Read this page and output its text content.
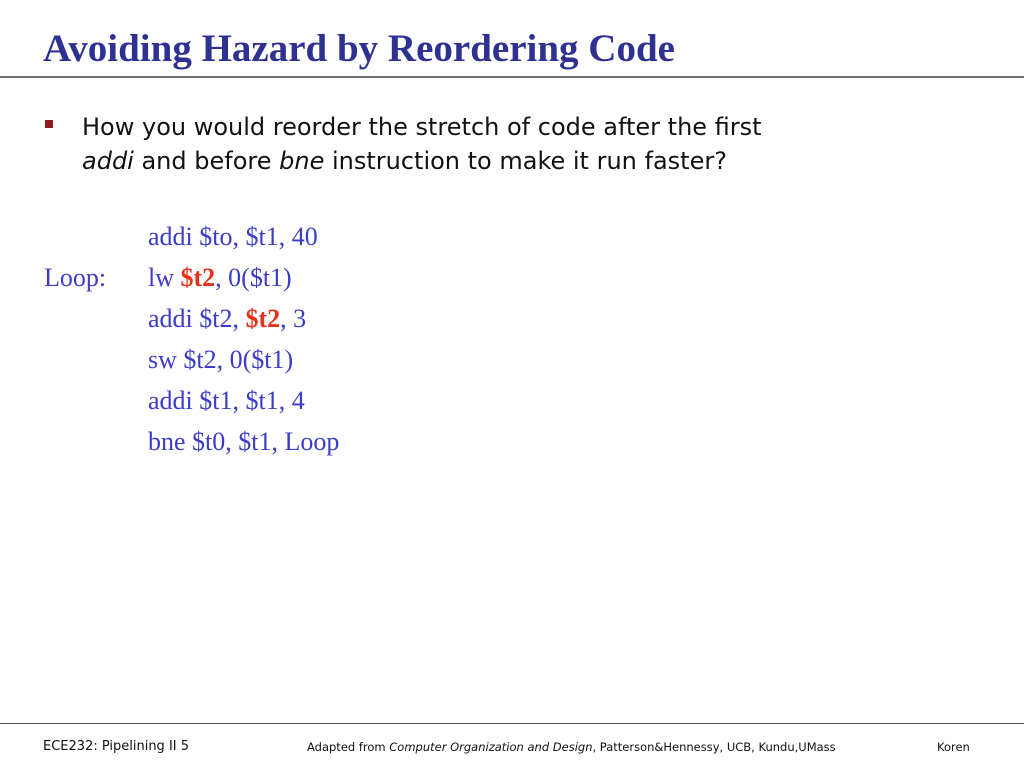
Avoiding Hazard by Reordering Code
How you would reorder the stretch of code after the first
addi and before bne instruction to make it run faster?
addi $to, $t1, 40
Loop: lw $t2, 0($t1)
addi $t2, $t2, 3
sw $t2, 0($t1)
addi $t1, $t1, 4
bne $t0, $t1, Loop
ECE232: Pipelining II 5	Adapted from Computer Organization and Design, Patterson&Hennessy, UCB, Kundu,UMass	Koren
